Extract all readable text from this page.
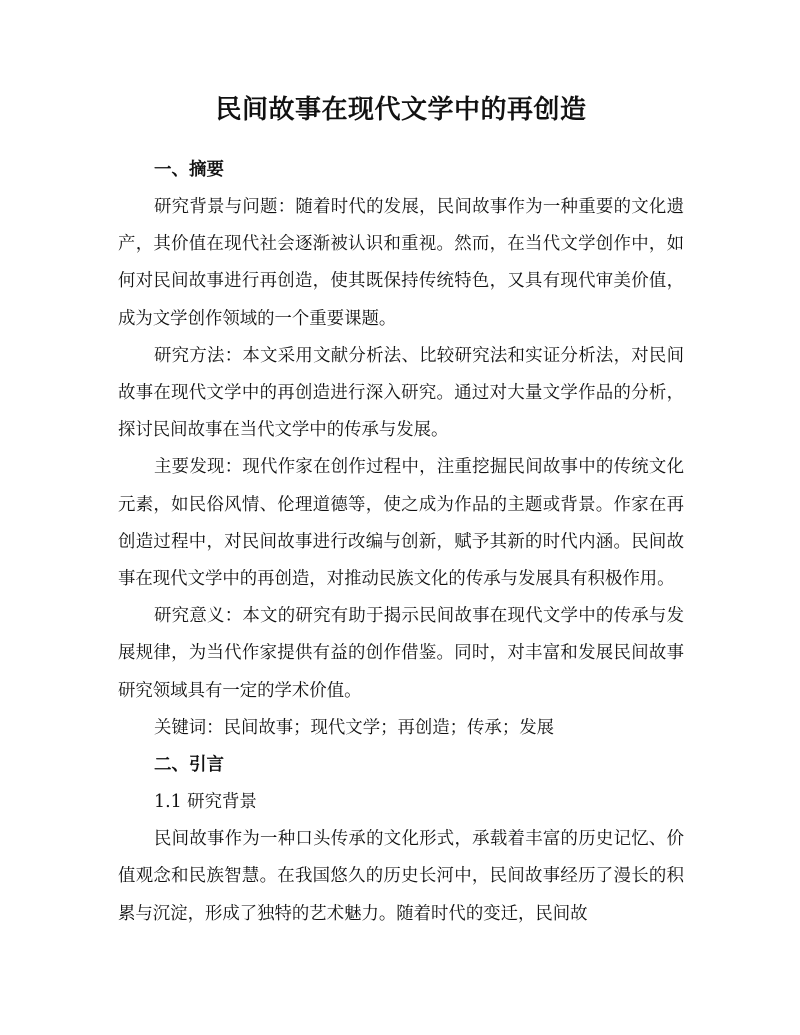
民间故事在现代文学中的再创造
一、摘要

研究背景与问题：随着时代的发展，民间故事作为一种重要的文化遗产，其价值在现代社会逐渐被认识和重视。然而，在当代文学创作中，如何对民间故事进行再创造，使其既保持传统特色，又具有现代审美价值，成为文学创作领域的一个重要课题。

研究方法：本文采用文献分析法、比较研究法和实证分析法，对民间故事在现代文学中的再创造进行深入研究。通过对大量文学作品的分析，探讨民间故事在当代文学中的传承与发展。

主要发现：现代作家在创作过程中，注重挖掘民间故事中的传统文化元素，如民俗风情、伦理道德等，使之成为作品的主题或背景。作家在再创造过程中，对民间故事进行改编与创新，赋予其新的时代内涵。民间故事在现代文学中的再创造，对推动民族文化的传承与发展具有积极作用。

研究意义：本文的研究有助于揭示民间故事在现代文学中的传承与发展规律，为当代作家提供有益的创作借鉴。同时，对丰富和发展民间故事研究领域具有一定的学术价值。

关键词：民间故事；现代文学；再创造；传承；发展

二、引言

1.1 研究背景

民间故事作为一种口头传承的文化形式，承载着丰富的历史记忆、价值观念和民族智慧。在我国悠久的历史长河中，民间故事经历了漫长的积累与沉淀，形成了独特的艺术魅力。随着时代的变迁，民间故
